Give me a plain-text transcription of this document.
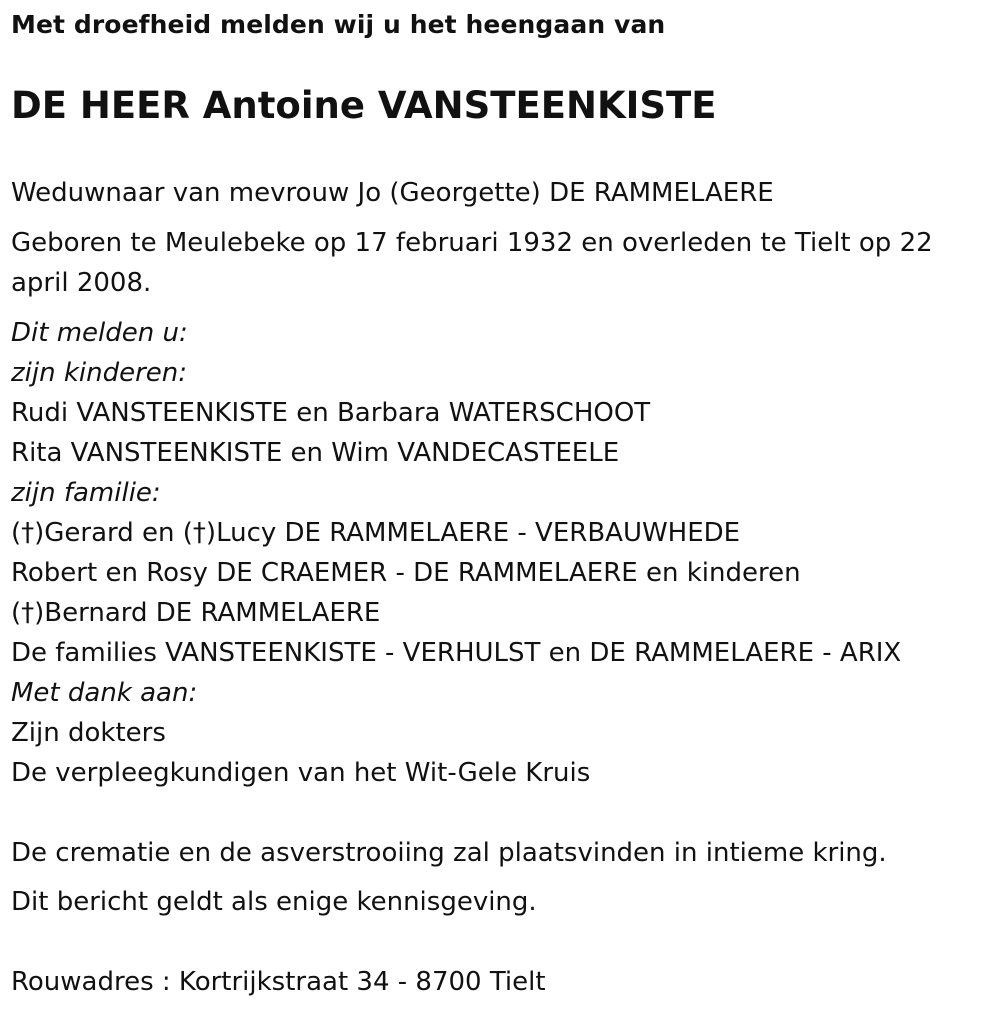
Met droefheid melden wij u het heengaan van
DE HEER Antoine VANSTEENKISTE
Weduwnaar van mevrouw Jo (Georgette) DE RAMMELAERE
Geboren te Meulebeke op 17 februari 1932 en overleden te Tielt op 22 april 2008.
Dit melden u:
zijn kinderen:
Rudi VANSTEENKISTE en Barbara WATERSCHOOT
Rita VANSTEENKISTE en Wim VANDECASTEELE
zijn familie:
(†)Gerard en (†)Lucy DE RAMMELAERE - VERBAUWHEDE
Robert en Rosy DE CRAEMER - DE RAMMELAERE en kinderen
(†)Bernard DE RAMMELAERE
De families VANSTEENKISTE - VERHULST en DE RAMMELAERE - ARIX
Met dank aan:
Zijn dokters
De verpleegkundigen van het Wit-Gele Kruis
De crematie en de asverstrooiing zal plaatsvinden in intieme kring.
Dit bericht geldt als enige kennisgeving.
Rouwadres : Kortrijkstraat 34 - 8700 Tielt
